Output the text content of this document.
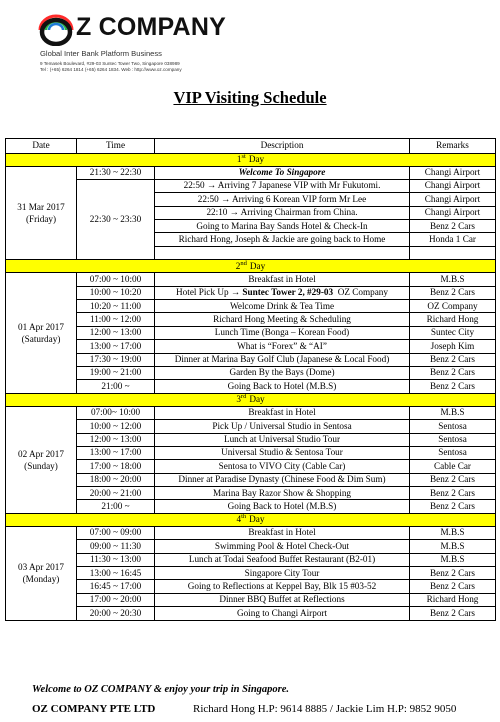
Z COMPANY
Global Inter Bank Platform Business
9 Temasek Boulevard, #29-03 Suntec Tower Two, Singapore 038989
Tel : (+65) 6264 1814 (+65) 6264 1834. Web : http://www.oz.company
VIP Visiting Schedule
Date	Time	Description	Remarks
1st Day			

31 Mar 2017
(Friday)	21:30 ~ 22:30	Welcome To Singapore	Changi Airport
	22:30 ~ 23:30	22:50 → Arriving 7 Japanese VIP with Mr Fukutomi.	Changi Airport
		22:50 → Arriving 6 Korean VIP form Mr Lee	Changi Airport
		22:10 → Arriving Chairman from China.	Changi Airport
		Going to Marina Bay Sands Hotel & Check-In	Benz 2 Cars
		Richard Hong, Joseph & Jackie are going back to Home	Honda 1 Car

2nd Day			

01 Apr 2017
(Saturday)	07:00 ~ 10:00	Breakfast in Hotel	M.B.S
	10:00 ~ 10:20	Hotel Pick Up → Suntec Tower 2, #29-03  OZ Company	Benz 2 Cars
	10:20 ~ 11:00	Welcome Drink & Tea Time	OZ Company
	11:00 ~ 12:00	Richard Hong Meeting & Scheduling	Richard Hong
	12:00 ~ 13:00	Lunch Time (Bonga – Korean Food)	Suntec City
	13:00 ~ 17:00	What is “Forex” & “AI”	Joseph Kim
	17:30 ~ 19:00	Dinner at Marina Bay Golf Club (Japanese & Local Food)	Benz 2 Cars
	19:00 ~ 21:00	Garden By the Bays (Dome)	Benz 2 Cars
	21:00 ~	Going Back to Hotel (M.B.S)	Benz 2 Cars
3rd Day			

02 Apr 2017
(Sunday)	07:00~ 10:00	Breakfast in Hotel	M.B.S
	10:00 ~ 12:00	Pick Up / Universal Studio in Sentosa	Sentosa
	12:00 ~ 13:00	Lunch at Universal Studio Tour	Sentosa
	13:00 ~ 17:00	Universal Studio & Sentosa Tour	Sentosa
	17:00 ~ 18:00	Sentosa to VIVO City (Cable Car)	Cable Car
	18:00 ~ 20:00	Dinner at Paradise Dynasty (Chinese Food & Dim Sum)	Benz 2 Cars
	20:00 ~ 21:00	Marina Bay Razor Show & Shopping	Benz 2 Cars
	21:00 ~	Going Back to Hotel (M.B.S)	Benz 2 Cars
4th Day			

03 Apr 2017
(Monday)	07:00 ~ 09:00	Breakfast in Hotel	M.B.S
	09:00 ~ 11:30	Swimming Pool & Hotel Check-Out	M.B.S
	11:30 ~ 13:00	Lunch at Todai Seafood Buffet Restaurant (B2-01)	M.B.S
	13:00 ~ 16:45	Singapore City Tour	Benz 2 Cars
	16:45 ~ 17:00	Going to Reflections at Keppel Bay, Blk 15 #03-52	Benz 2 Cars
	17:00 ~ 20:00	Dinner BBQ Buffet at Reflections	Richard Hong
	20:00 ~ 20:30	Going to Changi Airport	Benz 2 Cars
Welcome to OZ COMPANY & enjoy your trip in Singapore.
OZ COMPANY PTE LTD	Richard Hong H.P: 9614 8885 / Jackie Lim H.P: 9852 9050
